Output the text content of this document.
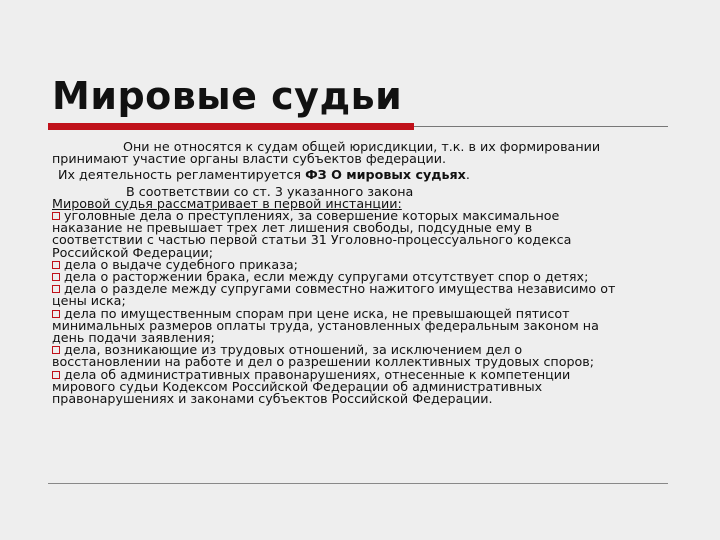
Мировые судьи
Они не относятся к судам общей юрисдикции, т.к. в их формировании
принимают участие органы власти субъектов федерации.
Их деятельность регламентируется ФЗ О мировых судьях.
В соответствии со ст. 3 указанного закона
Мировой судья рассматривает в первой инстанции:
уголовные дела о преступлениях, за совершение которых максимальное
наказание не превышает трех лет лишения свободы, подсудные ему в
соответствии с частью первой статьи 31 Уголовно-процессуального кодекса
Российской Федерации;
дела о выдаче судебного приказа;
дела о расторжении брака, если между супругами отсутствует спор о детях;
дела о разделе между супругами совместно нажитого имущества независимо от
цены иска;
дела по имущественным спорам при цене иска, не превышающей пятисот
минимальных размеров оплаты труда, установленных федеральным законом на
день подачи заявления;
дела, возникающие из трудовых отношений, за исключением дел о
восстановлении на работе и дел о разрешении коллективных трудовых споров;
дела об административных правонарушениях, отнесенные к компетенции
мирового судьи Кодексом Российской Федерации об административных
правонарушениях и законами субъектов Российской Федерации.
